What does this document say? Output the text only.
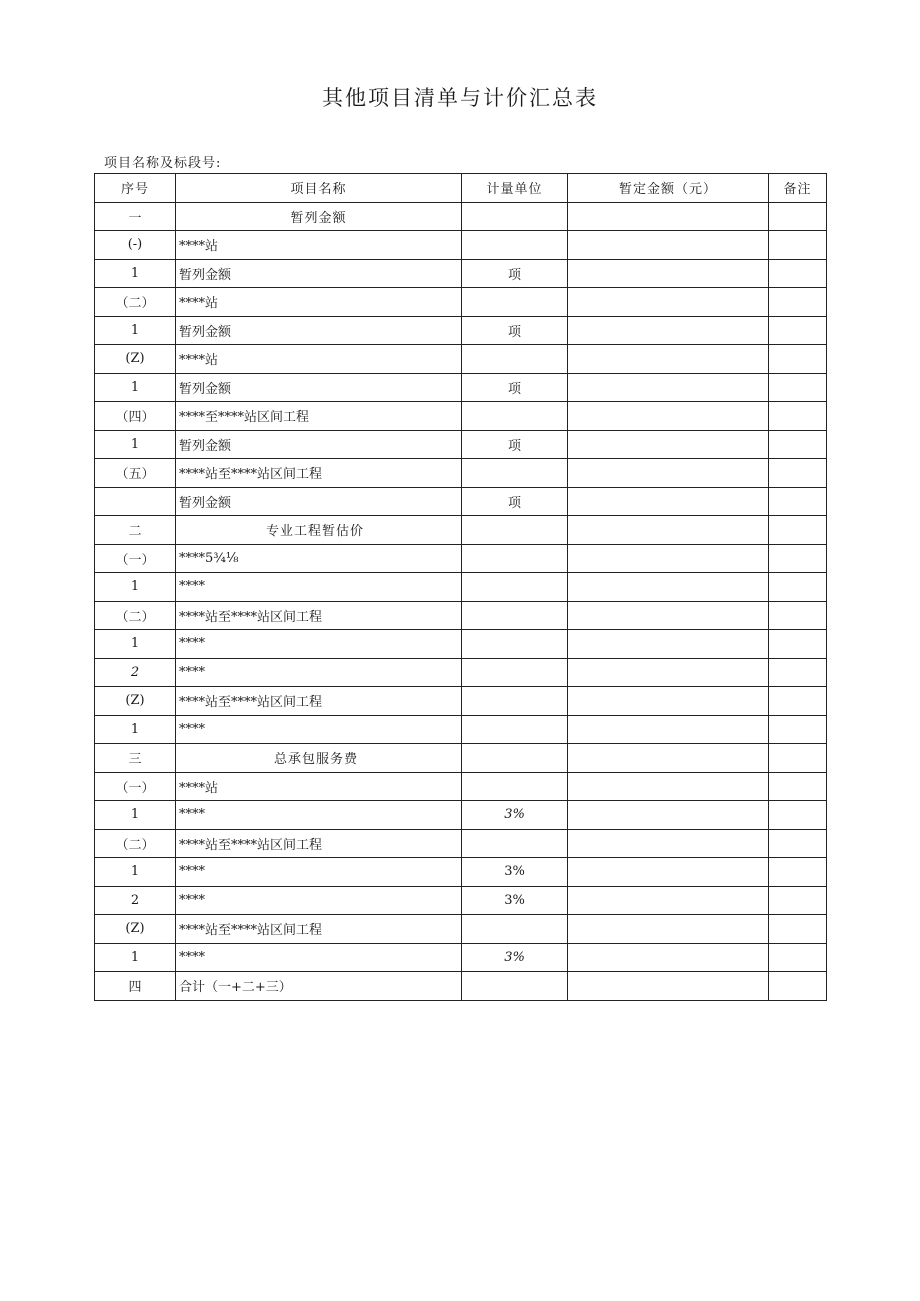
其他项目清单与计价汇总表
项目名称及标段号:
序号	项目名称	计量单位	暂定金额（元）	备注
一	暂列金额			
(-)	****站			
1	暂列金额	项		
（二）	****站			
1	暂列金额	项		
(Z)	****站			
1	暂列金额	项		
（四）	****至****站区间工程			
1	暂列金额	项		
（五）	****站至****站区间工程			
	暂列金额	项		
二	专业工程暂估价			
（一）	****5¾⅛			
1	****			
（二）	****站至****站区间工程			
1	****			
2	****			
(Z)	****站至****站区间工程			
1	****			
三	总承包服务费			
（一）	****站			
1	****	3%		
（二）	****站至****站区间工程			
1	****	3%		
2	****	3%		
(Z)	****站至****站区间工程			
1	****	3%		
四	合计（一+二+三）			
